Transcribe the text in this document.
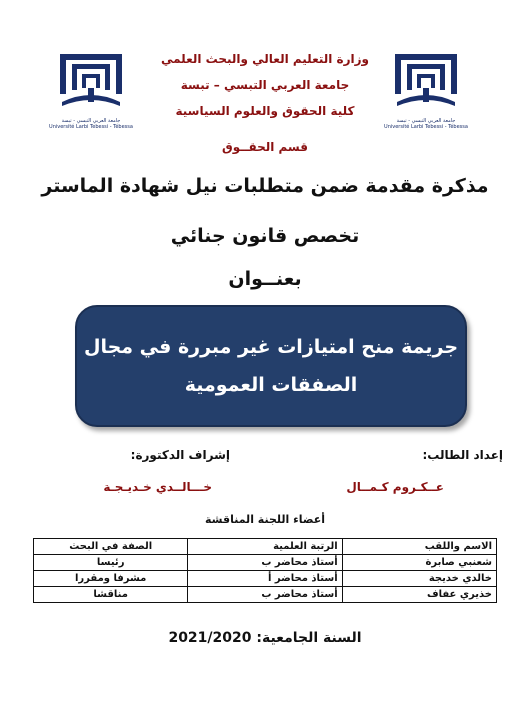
جامعة العربي التبسي - تبسة
Université Larbi Tebessi - Tébessa
جامعة العربي التبسي - تبسة
Université Larbi Tebessi - Tébessa
وزارة التعليم العالي والبحث العلمي
جامعة العربي التبسي – تبسة
كلية الحقوق والعلوم السياسية
قسم الحقــوق
مذكرة مقدمة ضمن متطلبات نيل شهادة الماستر
تخصص قانون جنائي
بعنــوان
جريمة منح امتيازات غير مبررة في مجال
الصفقات العمومية
إعداد الطالب:
إشراف الدكتورة:
عــكـروم كـمــال
خـــالــدي خـديـجـة
أعضاء اللجنة المناقشة
الاسم واللقب	الرتبة العلمية	الصفة في البحث
شعنبي صابرة	أستاذ محاضر ب	رئيسا
خالدي خديجة	أستاذ محاضر أ	مشرفا ومقررا
خذيري عفاف	أستاذ محاضر ب	مناقشا
السنة الجامعية: 2021/2020
